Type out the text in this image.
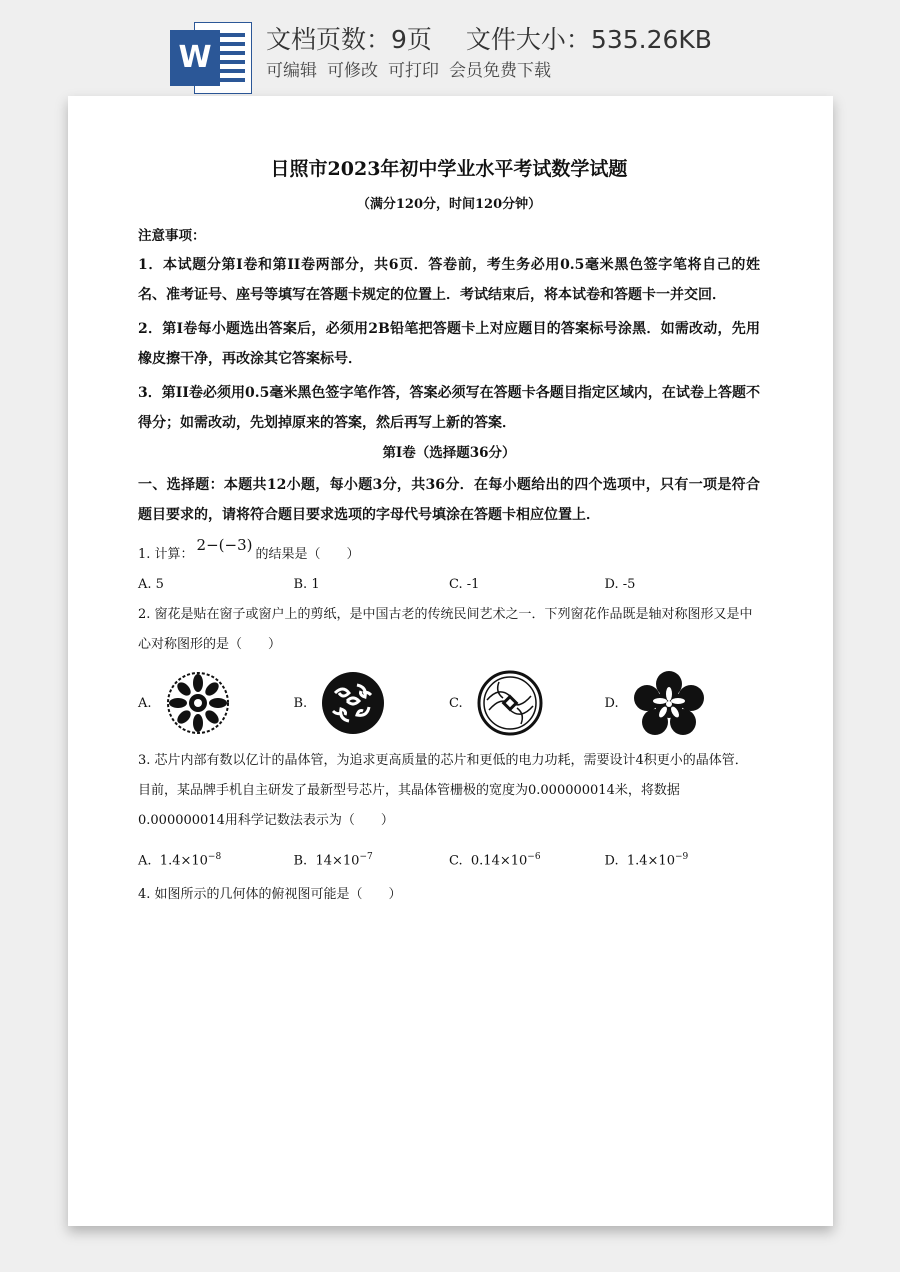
W
文档页数：9页 文件大小：535.26KB
可编辑 可修改 可打印 会员免费下载
日照市2023年初中学业水平考试数学试题
（满分120分，时间120分钟）
注意事项：
1．本试题分第Ⅰ卷和第II卷两部分，共6页．答卷前，考生务必用0.5毫米黑色签字笔将自己的姓名、准考证号、座号等填写在答题卡规定的位置上．考试结束后，将本试卷和答题卡一并交回．
2．第Ⅰ卷每小题选出答案后，必须用2B铅笔把答题卡上对应题目的答案标号涂黑．如需改动，先用橡皮擦干净，再改涂其它答案标号．
3．第II卷必须用0.5毫米黑色签字笔作答，答案必须写在答题卡各题目指定区域内，在试卷上答题不得分；如需改动，先划掉原来的答案，然后再写上新的答案．
第Ⅰ卷（选择题36分）
一、选择题：本题共12小题，每小题3分，共36分．在每小题给出的四个选项中，只有一项是符合题目要求的，请将符合题目要求选项的字母代号填涂在答题卡相应位置上．
1. 计算：2−(−3)的结果是（　　）
A. 5	B. 1	C. -1	D. -5
2. 窗花是贴在窗子或窗户上的剪纸，是中国古老的传统民间艺术之一．下列窗花作品既是轴对称图形又是中心对称图形的是（　　）
A.	B.	C.	D.
3. 芯片内部有数以亿计的晶体管，为追求更高质量的芯片和更低的电力功耗，需要设计4积更小的晶体管．目前，某品牌手机自主研发了最新型号芯片，其晶体管栅极的宽度为0.000000014米，将数据0.000000014用科学记数法表示为（　　）
A. $1.4\times 10^{-8}$	B. $14\times 10^{-7}$	C. $0.14\times 10^{-6}$	D. $1.4\times 10^{-9}$
4. 如图所示的几何体的俯视图可能是（　　）
